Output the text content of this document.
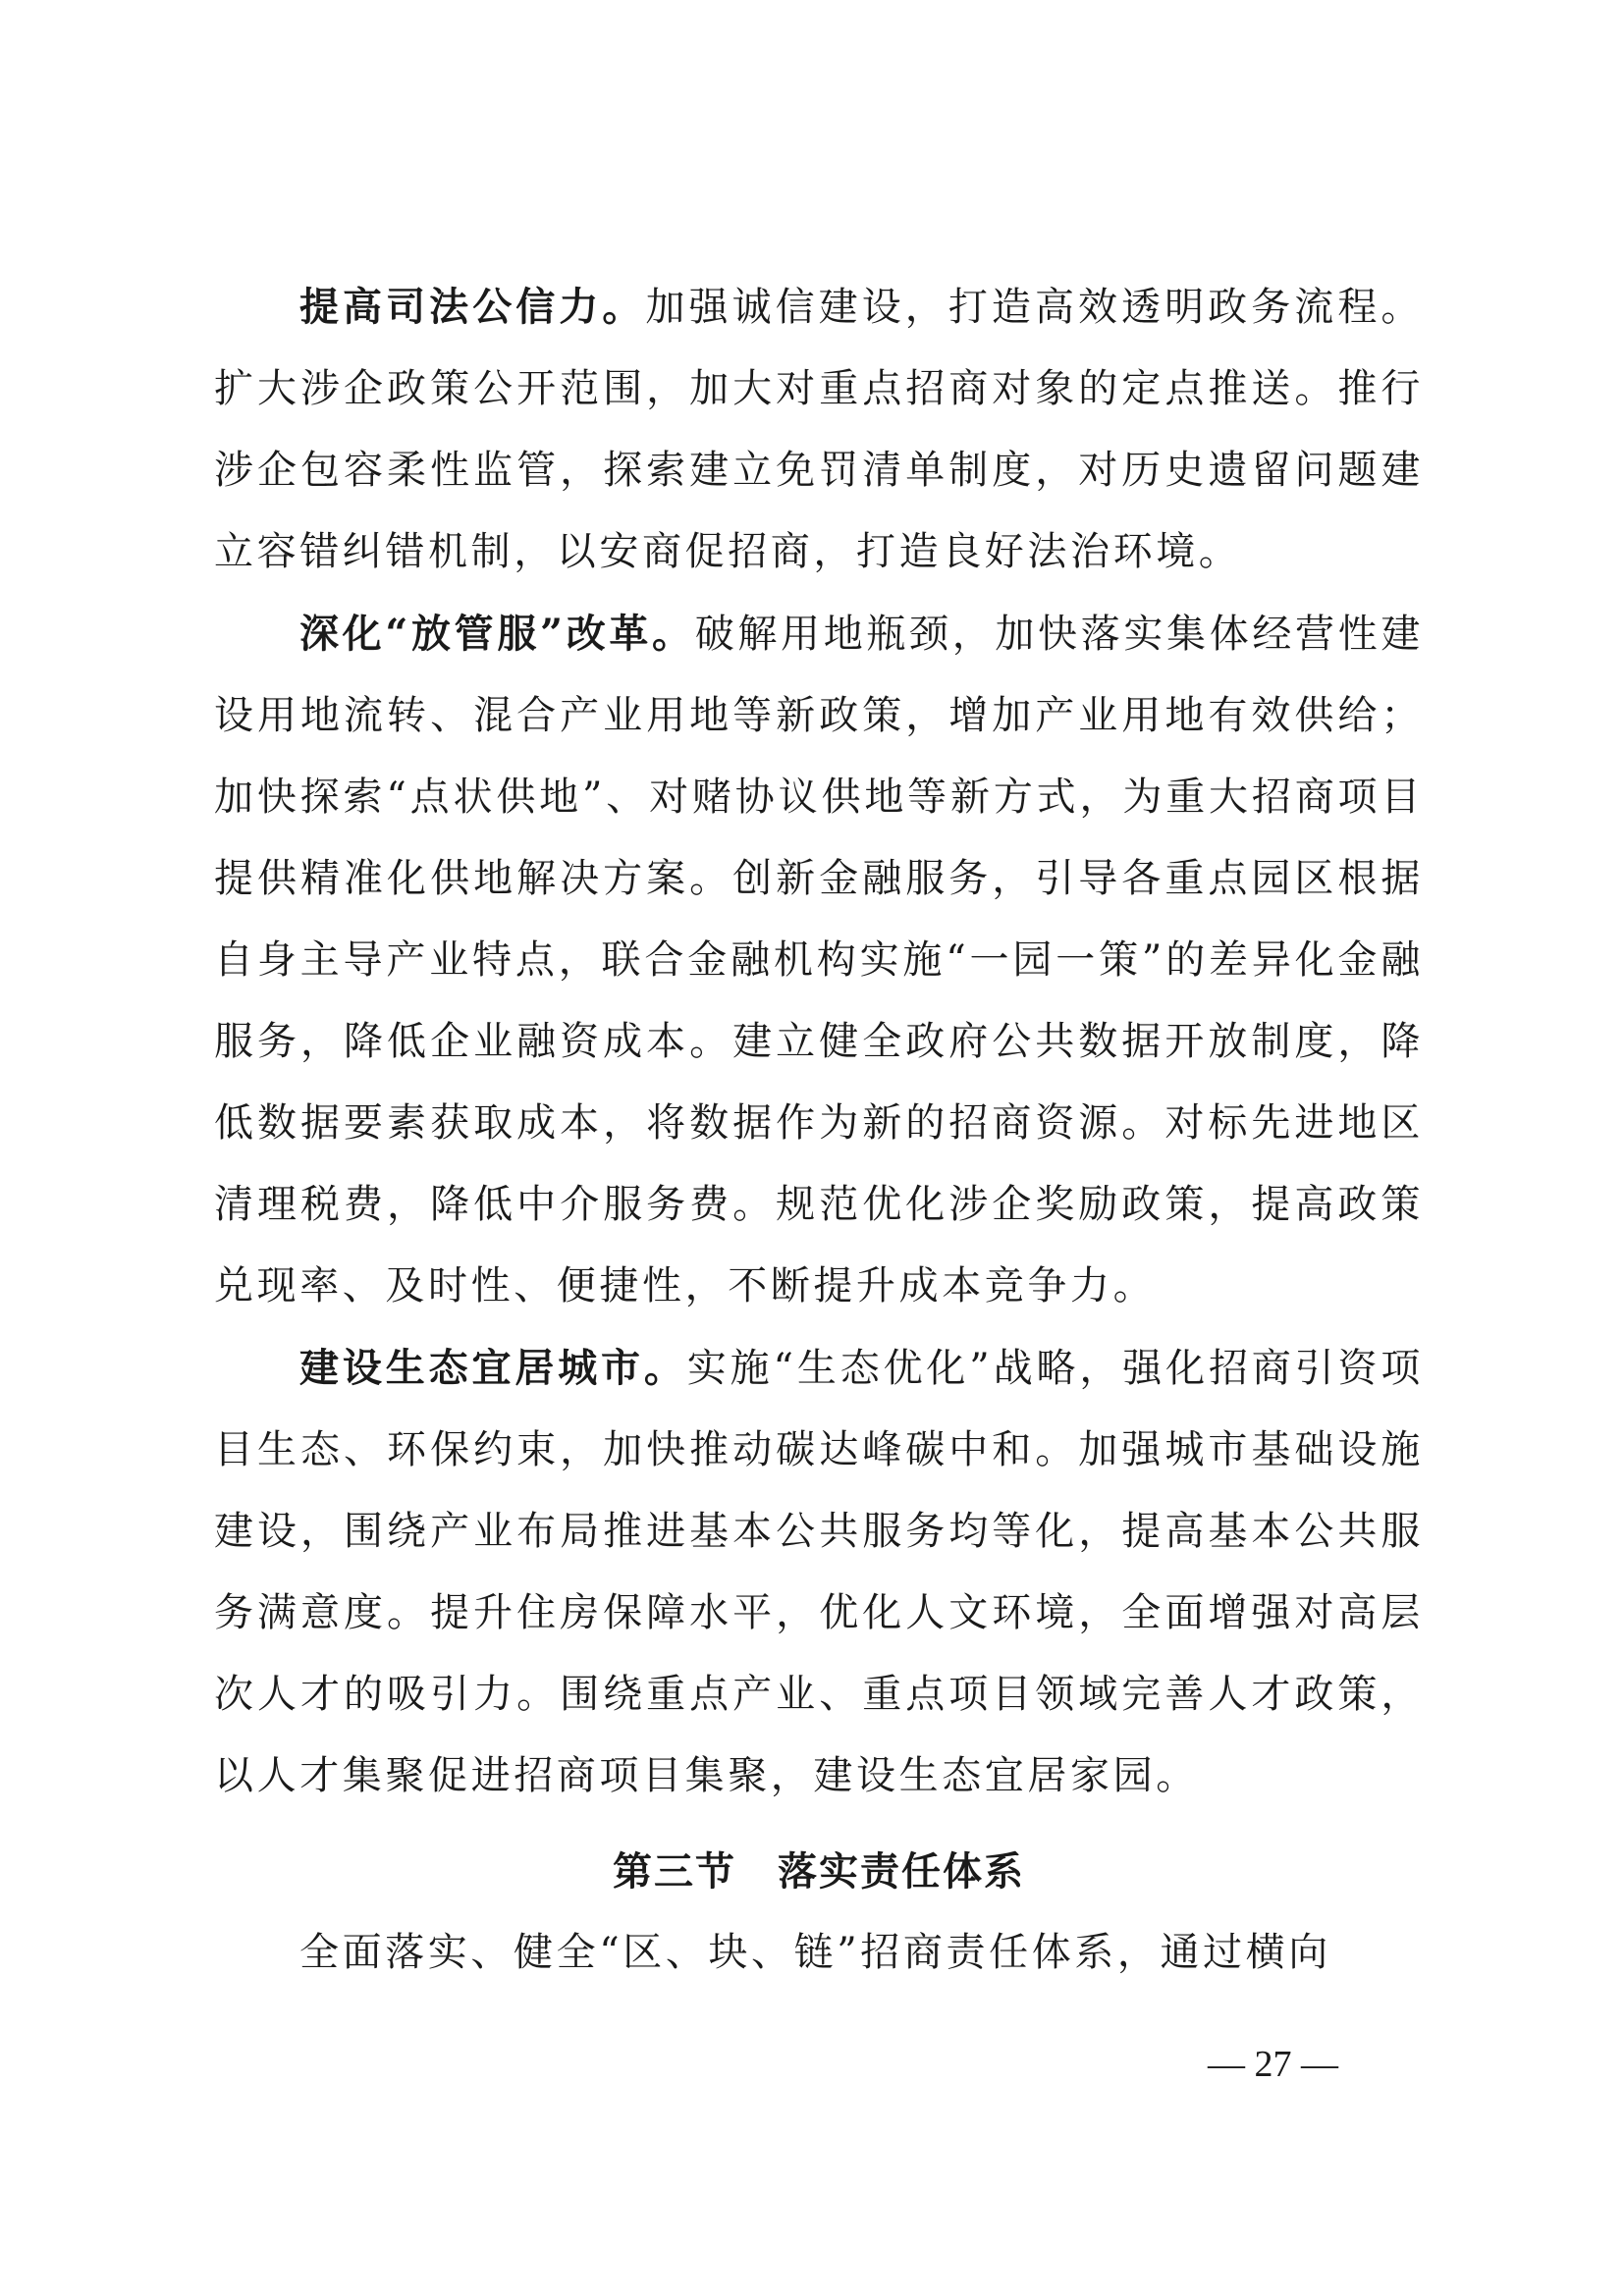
提高司法公信力。加强诚信建设，打造高效透明政务流程。扩大涉企政策公开范围，加大对重点招商对象的定点推送。推行涉企包容柔性监管，探索建立免罚清单制度，对历史遗留问题建立容错纠错机制，以安商促招商，打造良好法治环境。

深化“放管服”改革。破解用地瓶颈，加快落实集体经营性建设用地流转、混合产业用地等新政策，增加产业用地有效供给；加快探索“点状供地”、对赌协议供地等新方式，为重大招商项目提供精准化供地解决方案。创新金融服务，引导各重点园区根据自身主导产业特点，联合金融机构实施“一园一策”的差异化金融服务，降低企业融资成本。建立健全政府公共数据开放制度，降低数据要素获取成本，将数据作为新的招商资源。对标先进地区清理税费，降低中介服务费。规范优化涉企奖励政策，提高政策兑现率、及时性、便捷性，不断提升成本竞争力。

建设生态宜居城市。实施“生态优化”战略，强化招商引资项目生态、环保约束，加快推动碳达峰碳中和。加强城市基础设施建设，围绕产业布局推进基本公共服务均等化，提高基本公共服务满意度。提升住房保障水平，优化人文环境，全面增强对高层次人才的吸引力。围绕重点产业、重点项目领域完善人才政策，以人才集聚促进招商项目集聚，建设生态宜居家园。

第三节　落实责任体系

全面落实、健全“区、块、链”招商责任体系，通过横向

— 27 —
